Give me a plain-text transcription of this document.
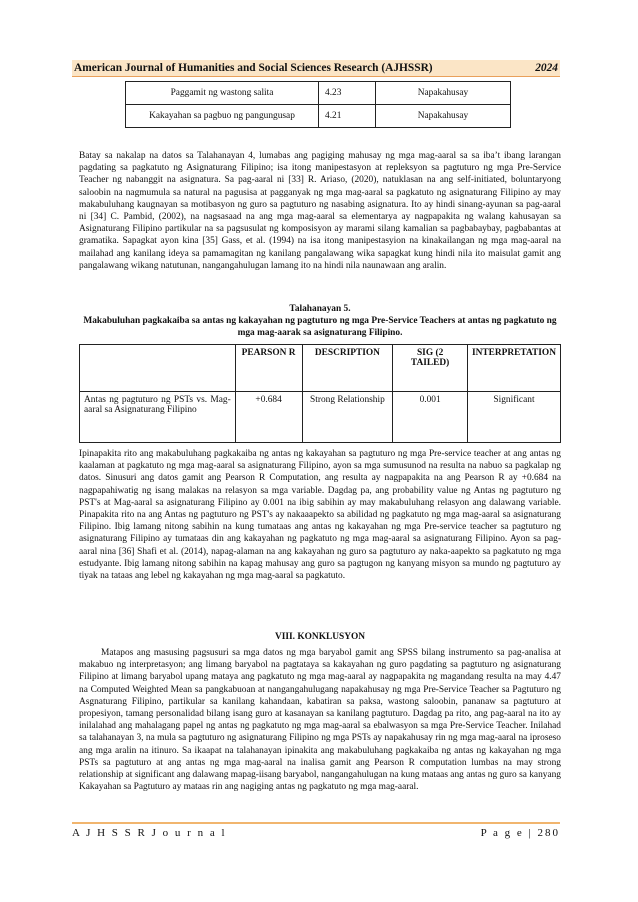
American Journal of Humanities and Social Sciences Research (AJHSSR)	2024
Paggamit ng wastong salita	4.23	Napakahusay
Kakayahan sa pagbuo ng pangungusap	4.21	Napakahusay

Batay sa nakalap na datos sa Talahanayan 4, lumabas ang pagiging mahusay ng mga mag-aaral sa sa iba’t ibang larangan pagdating sa pagkatuto ng Asignaturang Filipino; isa itong manipestasyon at repleksyon sa pagtuturo ng mga Pre-Service Teacher ng nabanggit na asignatura. Sa pag-aaral ni [33] R. Ariaso, (2020), natuklasan na ang self-initiated, boluntaryong saloobin na nagmumula sa natural na pagusisa at pagganyak ng mga mag-aaral sa pagkatuto ng asignaturang Filipino ay may makabuluhang kaugnayan sa motibasyon ng guro sa pagtuturo ng nasabing asignatura. Ito ay hindi sinang-ayunan sa pag-aaral ni [34] C. Pambid, (2002), na nagsasaad na ang mga mag-aaral sa elementarya ay nagpapakita ng walang kahusayan sa Asignaturang Filipino partikular na sa pagsusulat ng komposisyon ay marami silang kamalian sa pagbabaybay, pagbabantas at gramatika. Sapagkat ayon kina [35] Gass, et al. (1994) na isa itong manipestasyion na kinakailangan ng mga mag-aaral na mailahad ang kanilang ideya sa pamamagitan ng kanilang pangalawang wika sapagkat kung hindi nila ito maisulat gamit ang pangalawang wikang natutunan, nangangahulugan lamang ito na hindi nila naunawaan ang aralin.

Talahanayan 5.

Makabuluhan pagkakaiba sa antas ng kakayahan ng pagtuturo ng mga Pre-Service Teachers at antas ng pagkatuto ng mga mag-aarak sa asignaturang Filipino.

	PEARSON R	DESCRIPTION	SIG (2 TAILED)	INTERPRETATION
Antas ng pagtuturo ng PSTs vs. Mag-aaral sa Asignaturang Filipino	+0.684	Strong Relationship	0.001	Significant

Ipinapakita rito ang makabuluhang pagkakaiba ng antas ng kakayahan sa pagtuturo ng mga Pre-service teacher at ang antas ng kaalaman at pagkatuto ng mga mag-aaral sa asignaturang Filipino, ayon sa mga sumusunod na resulta na nabuo sa pagkalap ng datos. Sinusuri ang datos gamit ang Pearson R Computation, ang resulta ay nagpapakita na ang Pearson R ay +0.684 na nagpapahiwatig ng isang malakas na relasyon sa mga variable. Dagdag pa, ang probability value ng Antas ng pagtuturo ng PST's at Mag-aaral sa asignaturang Filipino ay 0.001 na ibig sabihin ay may makabuluhang relasyon ang dalawang variable. Pinapakita rito na ang Antas ng pagtuturo ng PST's ay nakaaapekto sa abilidad ng pagkatuto ng mga mag-aaral sa asignaturang Filipino. Ibig lamang nitong sabihin na kung tumataas ang antas ng kakayahan ng mga Pre-service teacher sa pagtuturo ng asignaturang Filipino ay tumataas din ang kakayahan ng pagkatuto ng mga mag-aaral sa asignaturang Filipino. Ayon sa pag-aaral nina [36] Shafi et al. (2014), napag-alaman na ang kakayahan ng guro sa pagtuturo ay naka-aapekto sa pagkatuto ng mga estudyante. Ibig lamang nitong sabihin na kapag mahusay ang guro sa pagtugon ng kanyang misyon sa mundo ng pagtuturo ay tiyak na tataas ang lebel ng kakayahan ng mga mag-aaral sa pagkatuto.

VIII. KONKLUSYON

Matapos ang masusing pagsusuri sa mga datos ng mga baryabol gamit ang SPSS bilang instrumento sa pag-analisa at makabuo ng interpretasyon; ang limang baryabol na pagtataya sa kakayahan ng guro pagdating sa pagtuturo ng asignaturang Filipino at limang baryabol upang mataya ang pagkatuto ng mga mag-aaral ay nagpapakita ng magandang resulta na may 4.47 na Computed Weighted Mean sa pangkabuoan at nangangahulugang napakahusay ng mga Pre-Service Teacher sa Pagtuturo ng Asgnaturang Filipino, partikular sa kanilang kahandaan, kabatiran sa paksa, wastong saloobin, pananaw sa pagtuturo at propesiyon, tamang personalidad bilang isang guro at kasanayan sa kanilang pagtuturo. Dagdag pa rito, ang pag-aaral na ito ay inilalahad ang mahalagang papel ng antas ng pagkatuto ng mga mag-aaral sa ebalwasyon sa mga Pre-Service Teacher. Inilahad sa talahanayan 3, na mula sa pagtuturo ng asignaturang Filipino ng mga PSTs ay napakahusay rin ng mga mag-aaral na iproseso ang mga aralin na itinuro. Sa ikaapat na talahanayan ipinakita ang makabuluhang pagkakaiba ng antas ng kakayahan ng mga PSTs sa pagtuturo at ang antas ng mga mag-aaral na inalisa gamit ang Pearson R computation lumbas na may strong relationship at significant ang dalawang mapag-iisang baryabol, nangangahulugan na kung mataas ang antas ng guro sa kanyang Kakayahan sa Pagtuturo ay mataas rin ang nagiging antas ng pagkatuto ng mga mag-aaral.

A J H S S R J o u r n a l	P a g e | 280
